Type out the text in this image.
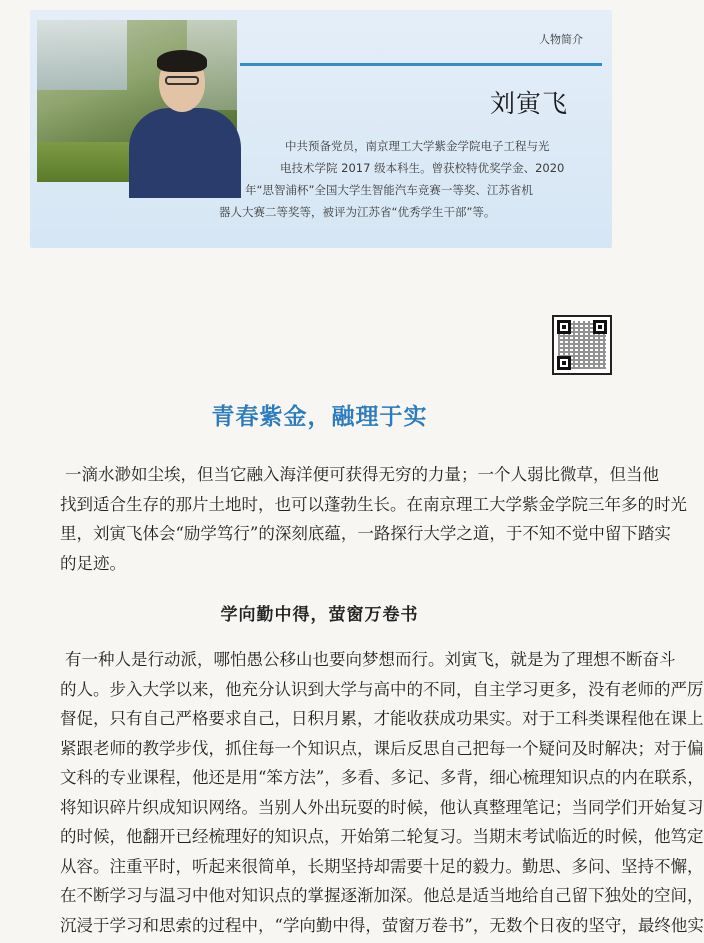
人物简介
刘寅飞
中共预备党员，南京理工大学紫金学院电子工程与光
电技术学院 2017 级本科生。曾获校特优奖学金、2020
年“思智浦杯”全国大学生智能汽车竞赛一等奖、江苏省机
器人大赛二等奖等，被评为江苏省“优秀学生干部”等。
青春紫金，融理于实
一滴水渺如尘埃，但当它融入海洋便可获得无穷的力量；一个人弱比微草，但当他
找到适合生存的那片土地时，也可以蓬勃生长。在南京理工大学紫金学院三年多的时光
里，刘寅飞体会“励学笃行”的深刻底蕴，一路探行大学之道，于不知不觉中留下踏实
的足迹。
学向勤中得，萤窗万卷书
有一种人是行动派，哪怕愚公移山也要向梦想而行。刘寅飞，就是为了理想不断奋斗
的人。步入大学以来，他充分认识到大学与高中的不同，自主学习更多，没有老师的严厉
督促，只有自己严格要求自己，日积月累，才能收获成功果实。对于工科类课程他在课上
紧跟老师的教学步伐，抓住每一个知识点，课后反思自己把每一个疑问及时解决；对于偏
文科的专业课程，他还是用“笨方法”，多看、多记、多背，细心梳理知识点的内在联系，
将知识碎片织成知识网络。当别人外出玩耍的时候，他认真整理笔记；当同学们开始复习
的时候，他翻开已经梳理好的知识点，开始第二轮复习。当期末考试临近的时候，他笃定
从容。注重平时，听起来很简单，长期坚持却需要十足的毅力。勤思、多问、坚持不懈，
在不断学习与温习中他对知识点的掌握逐渐加深。他总是适当地给自己留下独处的空间，
沉浸于学习和思索的过程中，“学向勤中得，萤窗万卷书”，无数个日夜的坚守，最终他实
